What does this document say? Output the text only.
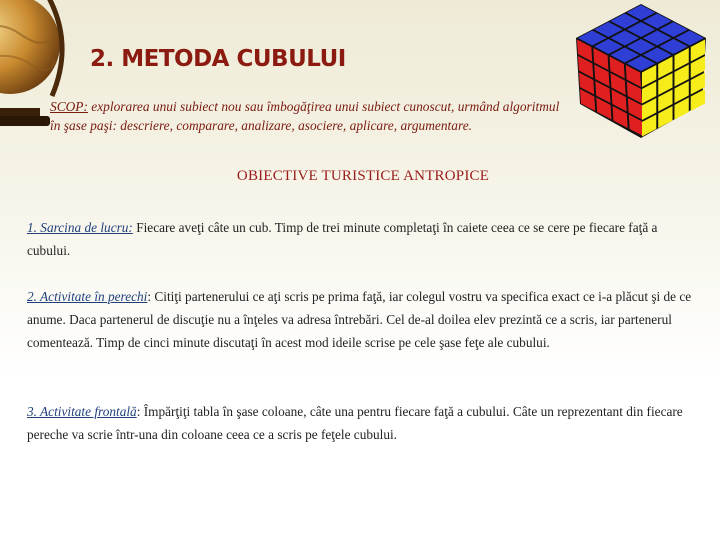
2. METODA CUBULUI
SCOP: explorarea unui subiect nou sau îmbogăţirea unui subiect cunoscut, urmând algoritmul în şase paşi: descriere, comparare, analizare, asociere, aplicare, argumentare.
OBIECTIVE TURISTICE ANTROPICE
1. Sarcina de lucru: Fiecare aveţi câte un cub. Timp de trei minute completaţi în caiete ceea ce se cere pe fiecare faţă a cubului.
2. Activitate în perechi: Citiţi partenerului ce aţi scris pe prima faţă, iar colegul vostru va specifica exact ce i-a plăcut şi de ce anume. Daca partenerul de discuţie nu a înţeles va adresa întrebări. Cel de-al doilea elev prezintă ce a scris, iar partenerul comentează. Timp de cinci minute discutaţi în acest mod ideile scrise pe cele şase feţe ale cubului.
3. Activitate frontală: Împărţiţi tabla în şase coloane, câte una pentru fiecare faţă a cubului. Câte un reprezentant din fiecare pereche va scrie într-una din coloane ceea ce a scris pe feţele cubului.
